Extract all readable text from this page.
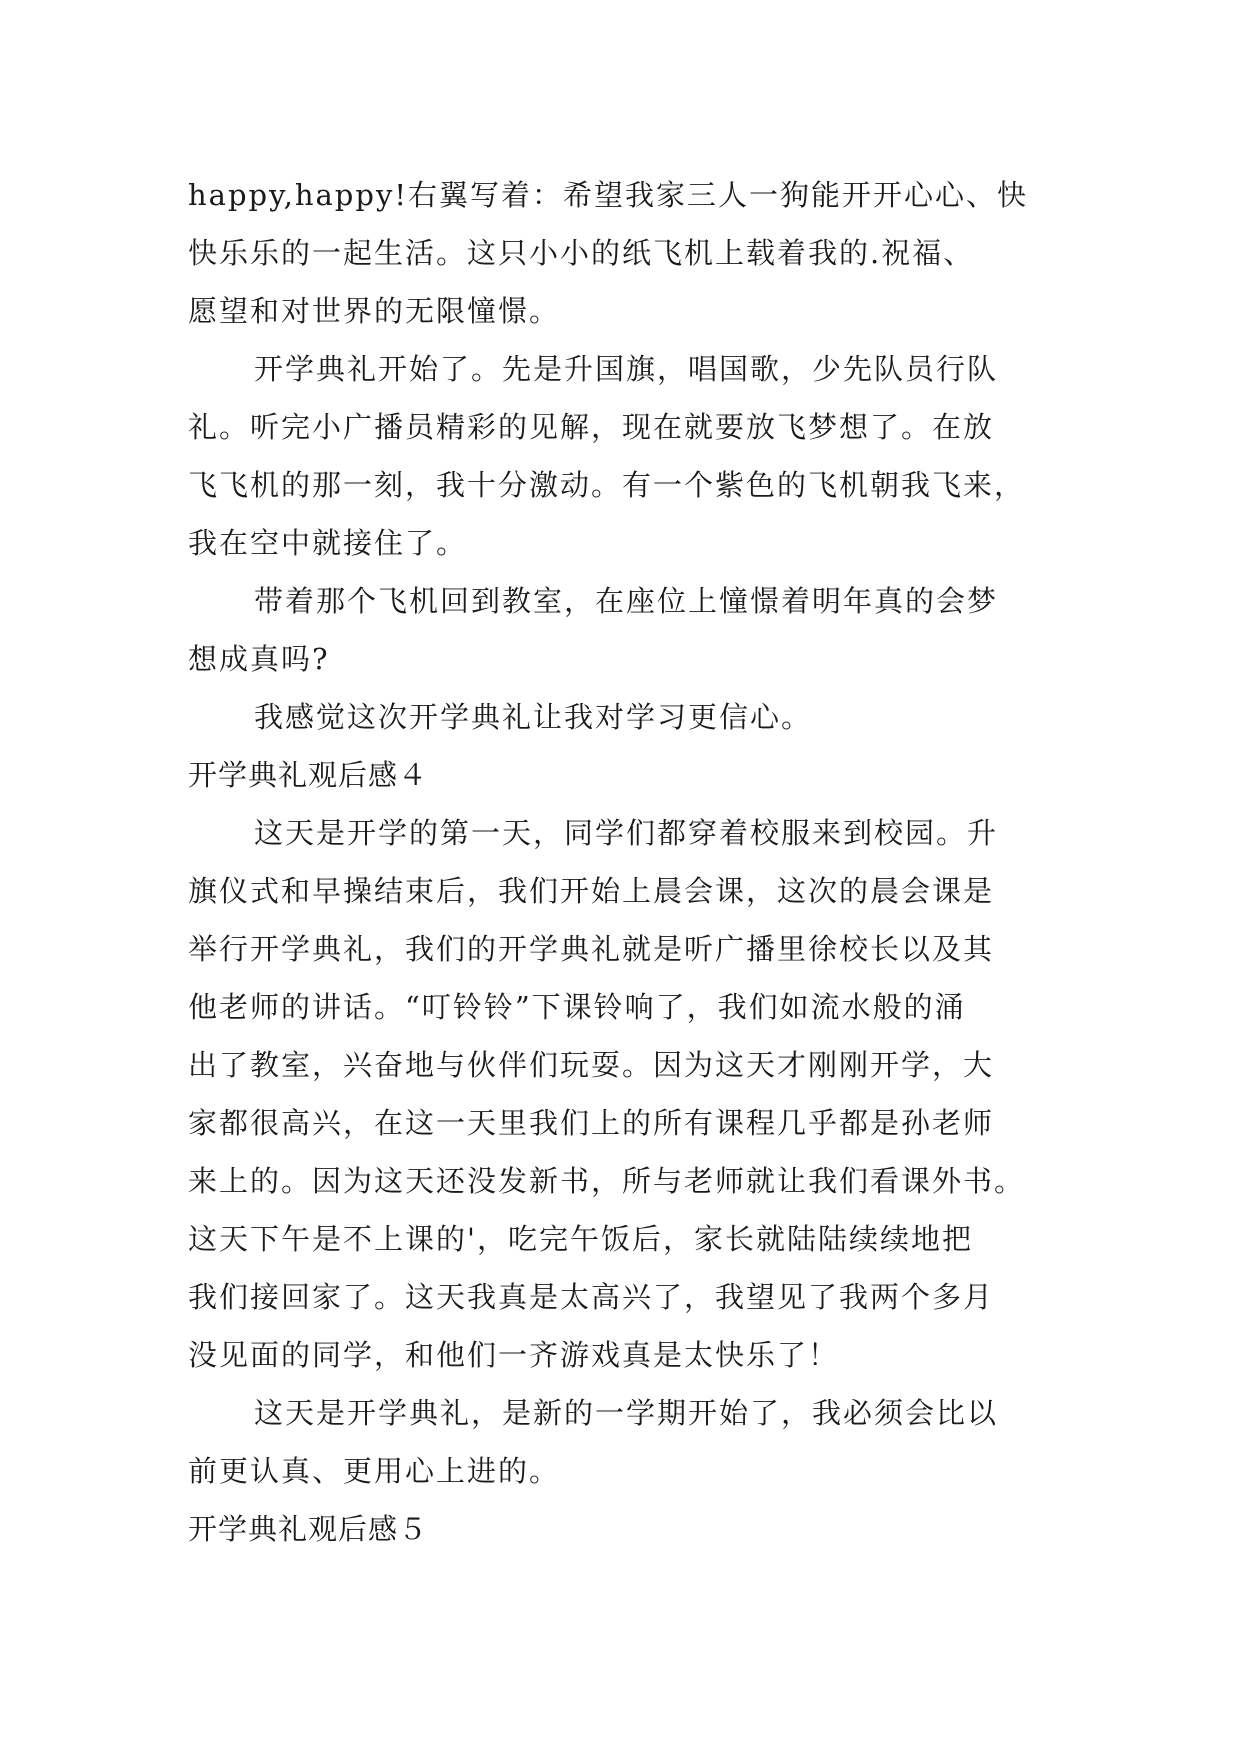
happy,happy!右翼写着：希望我家三人一狗能开开心心、快
快乐乐的一起生活。这只小小的纸飞机上载着我的.祝福、
愿望和对世界的无限憧憬。
开学典礼开始了。先是升国旗，唱国歌，少先队员行队
礼。听完小广播员精彩的见解，现在就要放飞梦想了。在放
飞飞机的那一刻，我十分激动。有一个紫色的飞机朝我飞来，
我在空中就接住了。
带着那个飞机回到教室，在座位上憧憬着明年真的会梦
想成真吗?
我感觉这次开学典礼让我对学习更信心。
开学典礼观后感４
这天是开学的第一天，同学们都穿着校服来到校园。升
旗仪式和早操结束后，我们开始上晨会课，这次的晨会课是
举行开学典礼，我们的开学典礼就是听广播里徐校长以及其
他老师的讲话。“叮铃铃”下课铃响了，我们如流水般的涌
出了教室，兴奋地与伙伴们玩耍。因为这天才刚刚开学，大
家都很高兴，在这一天里我们上的所有课程几乎都是孙老师
来上的。因为这天还没发新书，所与老师就让我们看课外书。
这天下午是不上课的'，吃完午饭后，家长就陆陆续续地把
我们接回家了。这天我真是太高兴了，我望见了我两个多月
没见面的同学，和他们一齐游戏真是太快乐了！
这天是开学典礼，是新的一学期开始了，我必须会比以
前更认真、更用心上进的。
开学典礼观后感５
